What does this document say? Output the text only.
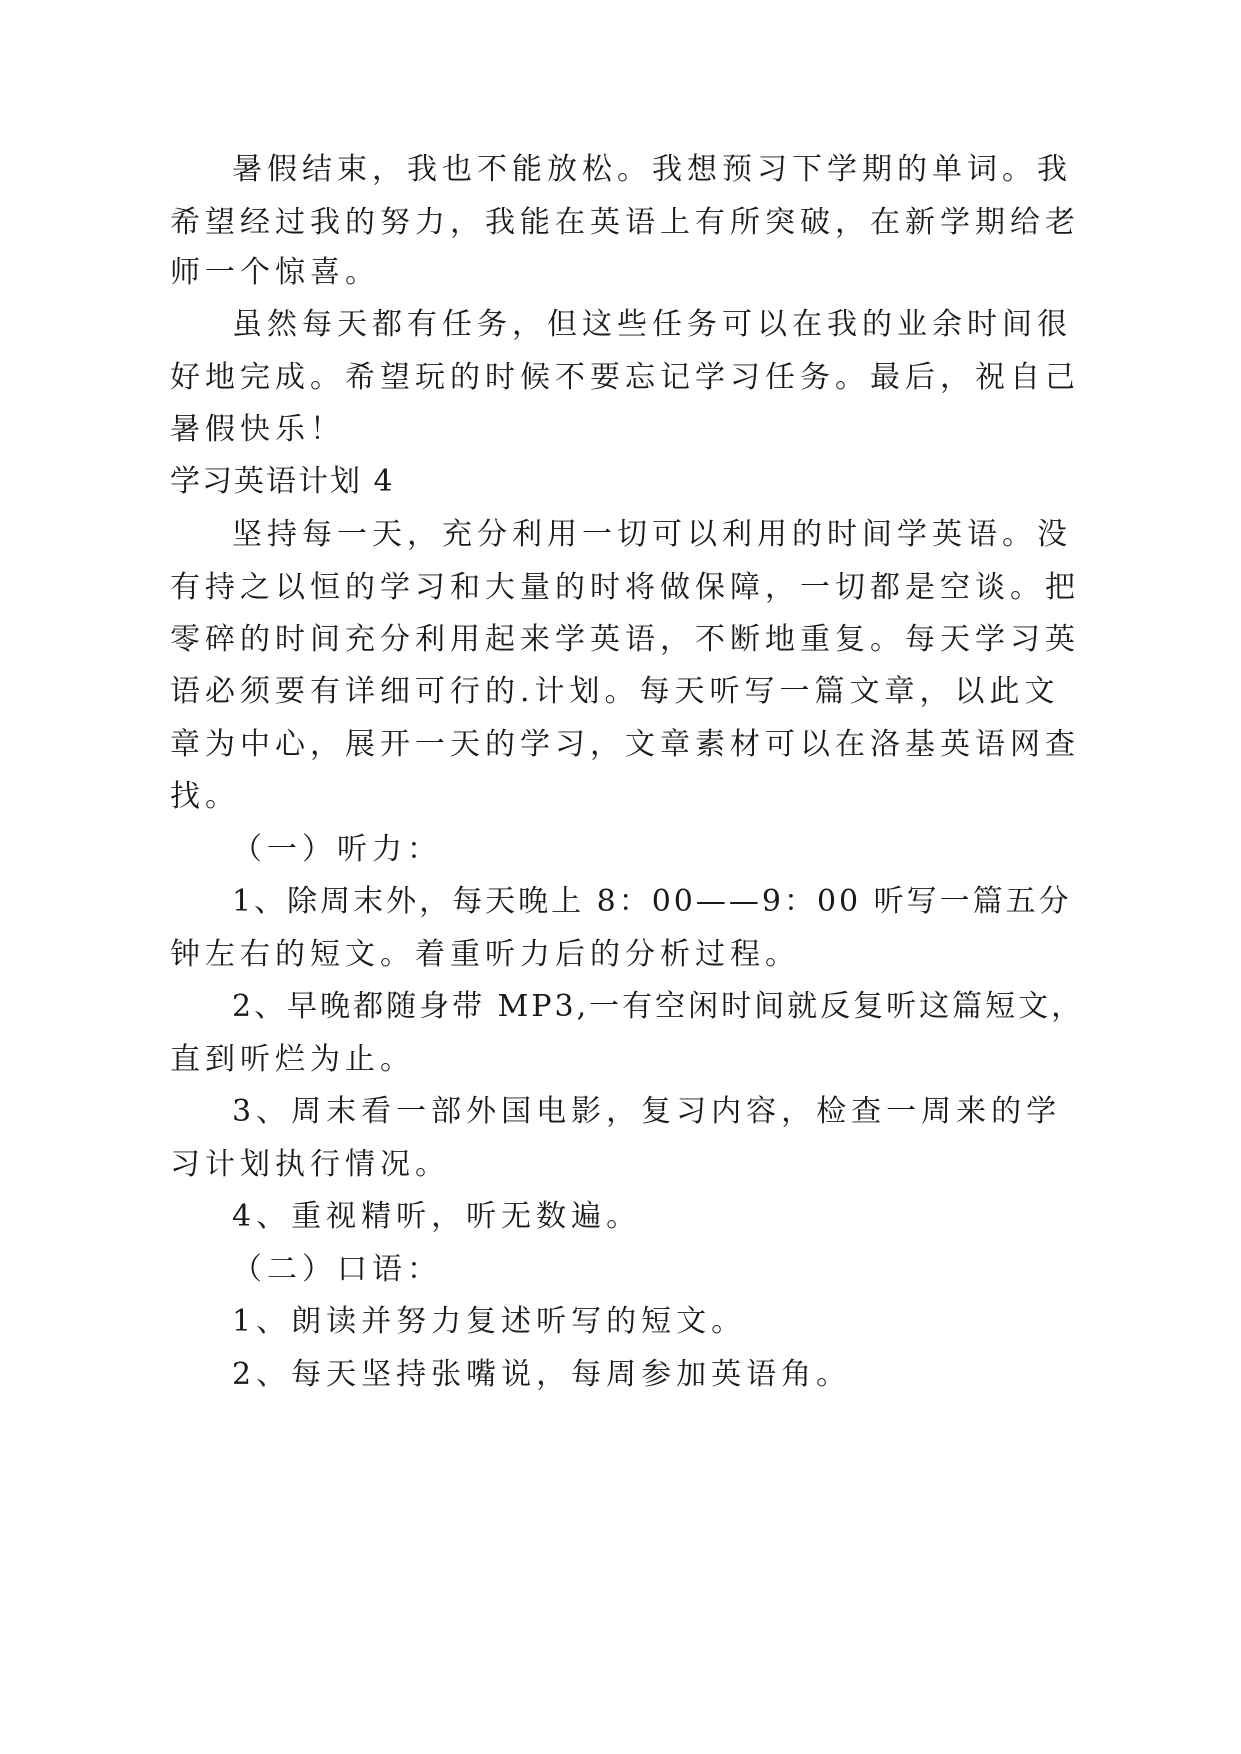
暑假结束，我也不能放松。我想预习下学期的单词。我
希望经过我的努力，我能在英语上有所突破，在新学期给老
师一个惊喜。
虽然每天都有任务，但这些任务可以在我的业余时间很
好地完成。希望玩的时候不要忘记学习任务。最后，祝自己
暑假快乐！
学习英语计划 4
坚持每一天，充分利用一切可以利用的时间学英语。没
有持之以恒的学习和大量的时将做保障，一切都是空谈。把
零碎的时间充分利用起来学英语，不断地重复。每天学习英
语必须要有详细可行的.计划。每天听写一篇文章，以此文
章为中心，展开一天的学习，文章素材可以在洛基英语网查
找。
（一）听力：
1、除周末外，每天晚上 8：00——9：00 听写一篇五分
钟左右的短文。着重听力后的分析过程。
2、早晚都随身带 MP3,一有空闲时间就反复听这篇短文，
直到听烂为止。
3、周末看一部外国电影，复习内容，检查一周来的学
习计划执行情况。
4、重视精听，听无数遍。
（二）口语：
1、朗读并努力复述听写的短文。
2、每天坚持张嘴说，每周参加英语角。
